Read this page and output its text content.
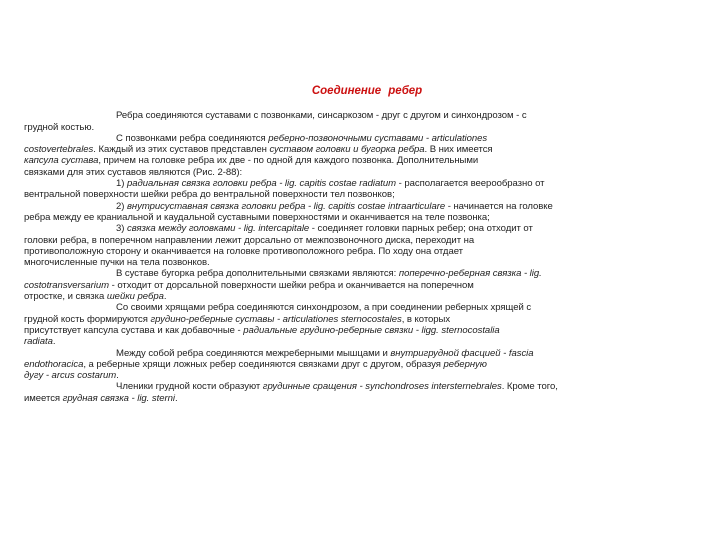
Соединение ребер

Ребра соединяются суставами с позвонками, синсаркозом - друг с другом и синхондрозом - с
грудной костью.

С позвонками ребра соединяются реберно-позвоночными суставами - articulationes
costovertebrales. Каждый из этих суставов представлен суставом головки и бугорка ребра. В них имеется
капсула сустава, причем на головке ребра их две - по одной для каждого позвонка. Дополнительными
связками для этих суставов являются (Рис. 2-88):

1) радиальная связка головки ребра - lig. capitis costae radiatum - располагается веерообразно от
вентральной поверхности шейки ребра до вентральной поверхности тел позвонков;

2) внутрисуставная связка головки ребра - lig. capitis costae intraarticulare - начинается на головке
ребра между ее краниальной и каудальной суставными поверхностями и оканчивается на теле позвонка;

3) связка между головками - lig. intercapitale - соединяет головки парных ребер; она отходит от
головки ребра, в поперечном направлении лежит дорсально от межпозвоночного диска, переходит на
противоположную сторону и оканчивается на головке противоположного ребра. По ходу она отдает
многочисленные пучки на тела позвонков.

В суставе бугорка ребра дополнительными связками являются: поперечно-реберная связка - lig.
costotransversarium - отходит от дорсальной поверхности шейки ребра и оканчивается на поперечном
отростке, и связка шейки ребра.

Со своими хрящами ребра соединяются синхондрозом, а при соединении реберных хрящей с
грудной кость формируются грудино-реберные суставы - articulationes sternocostales, в которых
присутствует капсула сустава и как добавочные - радиальные грудино-реберные связки - ligg. sternocostalia
radiata.

Между собой ребра соединяются межреберными мышцами и внутригрудной фасцией - fascia
endothoracica, а реберные хрящи ложных ребер соединяются связками друг с другом, образуя реберную
дугу - arcus costarum.

Членики грудной кости образуют грудинные сращения - synchondroses intersternebrales. Кроме того,
имеется грудная связка - lig. sterni.
